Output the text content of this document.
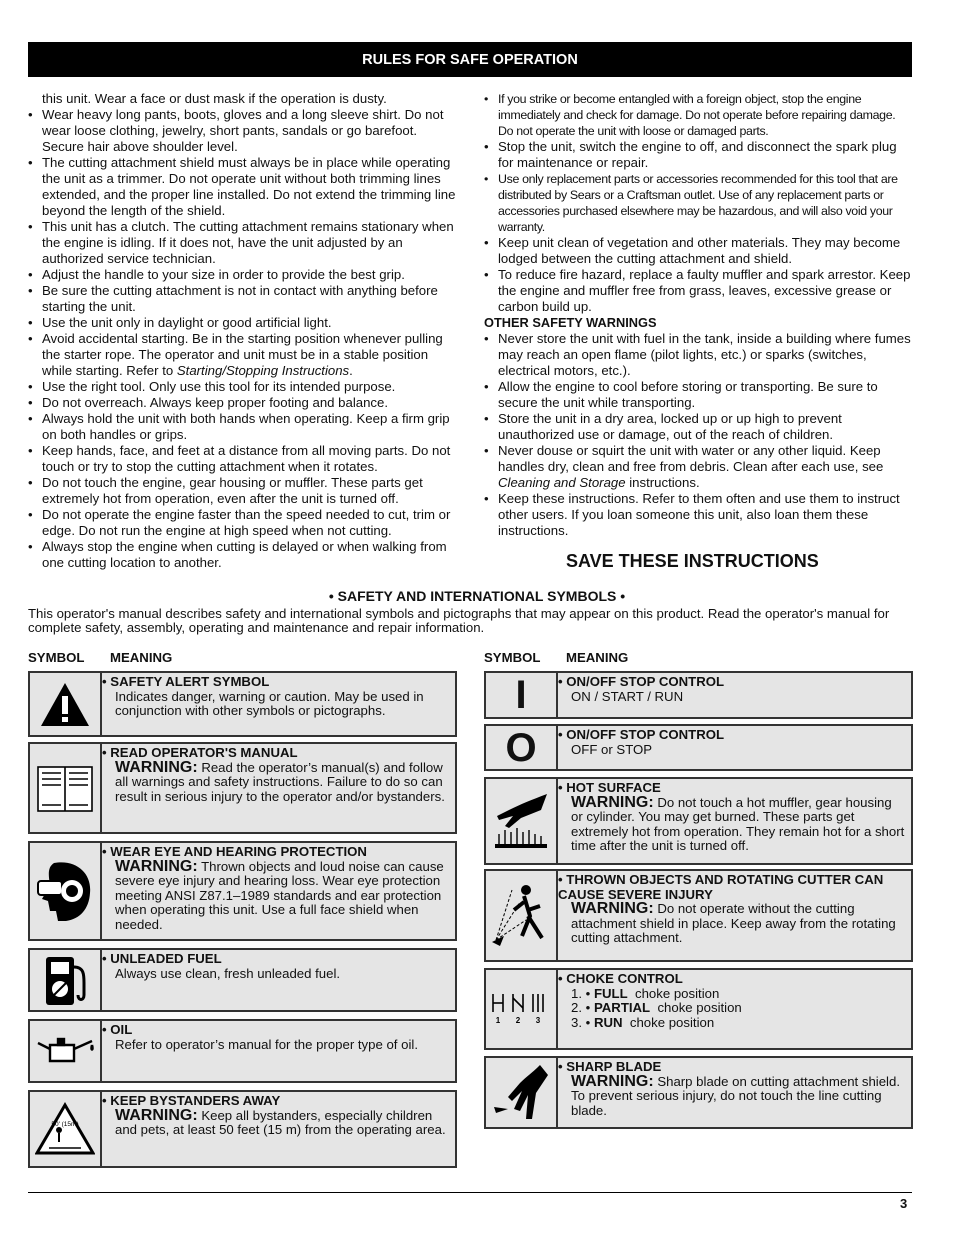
RULES FOR SAFE OPERATION

this unit. Wear a face or dust mask if the operation is dusty.

• Wear heavy long pants, boots, gloves and a long sleeve shirt. Do not wear loose clothing, jewelry, short pants, sandals or go barefoot. Secure hair above shoulder level.
• The cutting attachment shield must always be in place while operating the unit as a trimmer. Do not operate unit without both trimming lines extended, and the proper line installed. Do not extend the trimming line beyond the length of the shield.
• This unit has a clutch. The cutting attachment remains stationary when the engine is idling. If it does not, have the unit adjusted by an authorized service technician.
• Adjust the handle to your size in order to provide the best grip.
• Be sure the cutting attachment is not in contact with anything before starting the unit.
• Use the unit only in daylight or good artificial light.
• Avoid accidental starting. Be in the starting position whenever pulling the starter rope. The operator and unit must be in a stable position while starting. Refer to Starting/Stopping Instructions.
• Use the right tool. Only use this tool for its intended purpose.
• Do not overreach. Always keep proper footing and balance.
• Always hold the unit with both hands when operating. Keep a firm grip on both handles or grips.
• Keep hands, face, and feet at a distance from all moving parts. Do not touch or try to stop the cutting attachment when it rotates.
• Do not touch the engine, gear housing or muffler. These parts get extremely hot from operation, even after the unit is turned off.
• Do not operate the engine faster than the speed needed to cut, trim or edge. Do not run the engine at high speed when not cutting.
• Always stop the engine when cutting is delayed or when walking from one cutting location to another.
• If you strike or become entangled with a foreign object, stop the engine immediately and check for damage. Do not operate before repairing damage. Do not operate the unit with loose or damaged parts.
• Stop the unit, switch the engine to off, and disconnect the spark plug for maintenance or repair.
• Use only replacement parts or accessories recommended for this tool that are distributed by Sears or a Craftsman outlet. Use of any replacement parts or accessories purchased elsewhere may be hazardous, and will also void your warranty.
• Keep unit clean of vegetation and other materials. They may become lodged between the cutting attachment and shield.
• To reduce fire hazard, replace a faulty muffler and spark arrestor. Keep the engine and muffler free from grass, leaves, excessive grease or carbon build up.
OTHER SAFETY WARNINGS
• Never store the unit with fuel in the tank, inside a building where fumes may reach an open flame (pilot lights, etc.) or sparks (switches, electrical motors, etc.).
• Allow the engine to cool before storing or transporting. Be sure to secure the unit while transporting.
• Store the unit in a dry area, locked up or up high to prevent unauthorized use or damage, out of the reach of children.
• Never douse or squirt the unit with water or any other liquid. Keep handles dry, clean and free from debris. Clean after each use, see Cleaning and Storage instructions.
• Keep these instructions. Refer to them often and use them to instruct other users. If you loan someone this unit, also loan them these instructions.
SAVE THESE INSTRUCTIONS
• SAFETY AND INTERNATIONAL SYMBOLS •
This operator's manual describes safety and international symbols and pictographs that may appear on this product. Read the operator's manual for complete safety, assembly, operating and maintenance and repair information.
SYMBOL MEANING	SYMBOL MEANING
• SAFETY ALERT SYMBOL
Indicates danger, warning or caution. May be used in conjunction with other symbols or pictographs.
• READ OPERATOR'S MANUAL
WARNING: Read the operator’s manual(s) and follow all warnings and safety instructions. Failure to do so can result in serious injury to the operator and/or bystanders.
• WEAR EYE AND HEARING PROTECTION
WARNING: Thrown objects and loud noise can cause severe eye injury and hearing loss. Wear eye protection meeting ANSI Z87.1–1989 standards and ear protection when operating this unit. Use a full face shield when needed.
• UNLEADED FUEL
Always use clean, fresh unleaded fuel.
• OIL
Refer to operator’s manual for the proper type of oil.
50' (15m)
• KEEP BYSTANDERS AWAY
WARNING: Keep all bystanders, especially children and pets, at least 50 feet (15 m) from the operating area.
I • ON/OFF STOP CONTROL
ON / START / RUN
O • ON/OFF STOP CONTROL
OFF or STOP
• HOT SURFACE
WARNING: Do not touch a hot muffler, gear housing or cylinder. You may get burned. These parts get extremely hot from operation. They remain hot for a short time after the unit is turned off.
• THROWN OBJECTS AND ROTATING CUTTER CAN CAUSE SEVERE INJURY
WARNING: Do not operate without the cutting attachment shield in place. Keep away from the rotating cutting attachment.
1 2 3
• CHOKE CONTROL
1. • FULL choke position
2. • PARTIAL choke position
3. • RUN choke position
• SHARP BLADE
WARNING: Sharp blade on cutting attachment shield. To prevent serious injury, do not touch the line cutting blade.
3
